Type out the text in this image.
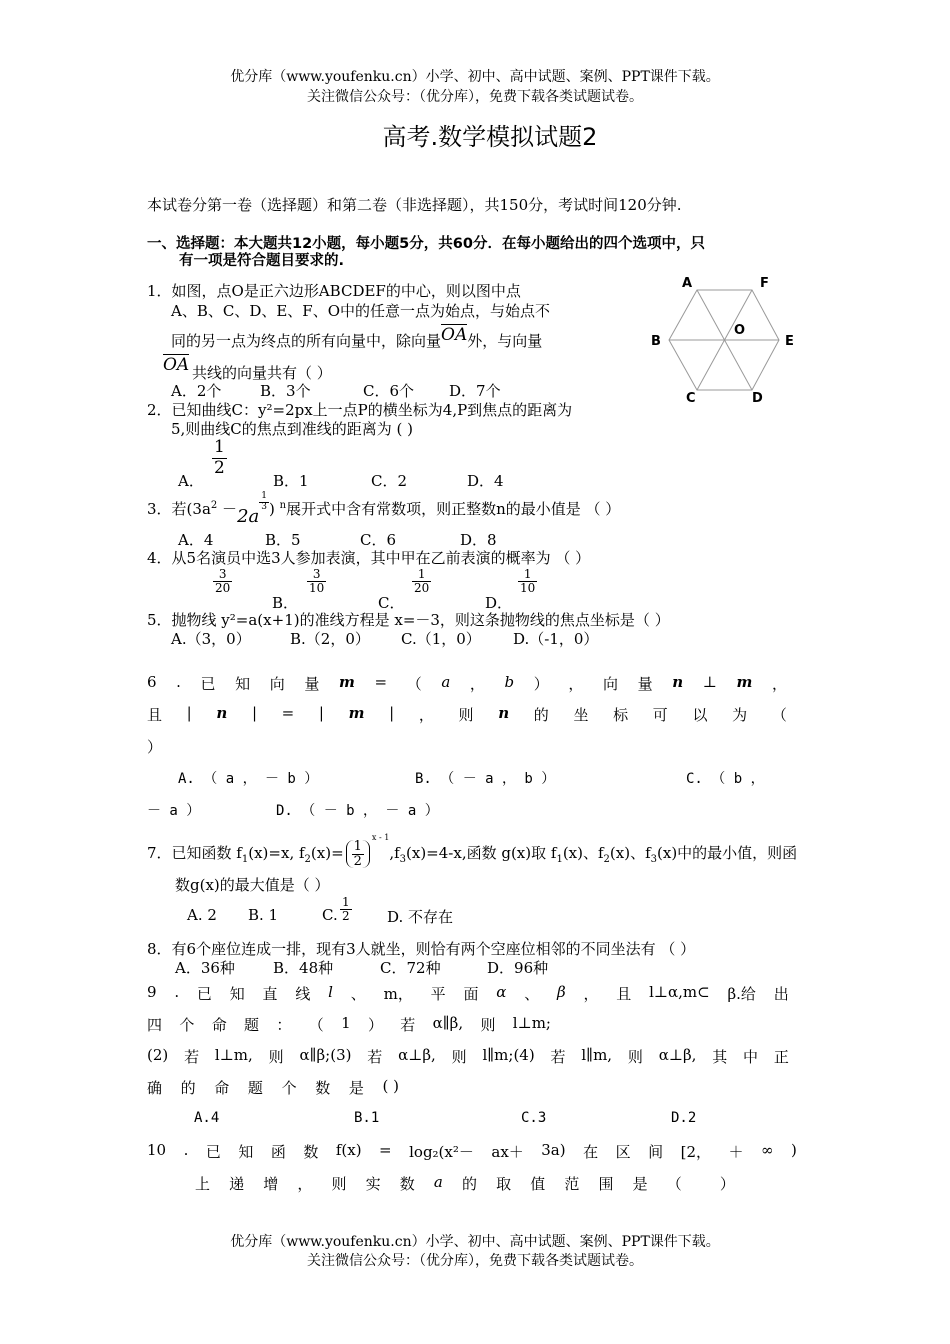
优分库（www.youfenku.cn）小学、初中、高中试题、案例、PPT课件下载。
关注微信公众号：（优分库），免费下载各类试题试卷。
高考.数学模拟试题2
本试卷分第一卷（选择题）和第二卷（非选择题），共150分，考试时间120分钟.
一、选择题：本大题共12小题，每小题5分，共60分．在每小题给出的四个选项中，只
有一项是符合题目要求的.
A	F
B
O
E
C	D
1．如图，点O是正六边形ABCDEF的中心，则以图中点
A、B、C、D、E、F、O中的任意一点为始点，与始点不
同的另一点为终点的所有向量中，除向量OA外，与向量
OA 共线的向量共有（ ）
A．2个	B．3个	C．6个 D．7个
2．已知曲线C：y²=2px上一点P的横坐标为4,P到焦点的距离为
5,则曲线C的焦点到准线的距离为 ( )
A．
$\frac{1}{2}$
B．1	C．2	D．4
3．若($3a^2 -2a$
$\frac{1}{3}$ ) $^n$展开式中含有常数项，则正整数n的最小值是 （ ）
A．4	B．5	C．6	D．8
4．从5名演员中选3人参加表演，其中甲在乙前表演的概率为 （ ）
$\frac{3}{20}$
B．
$\frac{3}{10}$
C．
$\frac{1}{20}$
D．
$\frac{1}{10}$
5．抛物线 y²=a(x+1)的准线方程是 x=－3，则这条抛物线的焦点坐标是（ ）
A.（3，0）	B.（2，0） C.（1，0） D.（-1，0）
6 . 已 知 向 量 m = （ a ， b ） ， 向 量 n ⊥ m ，
且 | n | = | m | ， 则 n 的 坐 标 可 以 为 （
）
A. （ a ， － b ）	B. （ － a ， b ）	C. （ b ，
－ a ）	D. （ － b ， － a ）
7．已知函数 $f_1(x)=x$, $f_2(x)= \frac{1}{2}$
$^{x - 1},f_3(x)=4-x$,函数 g(x)取 $f_1(x)$、$f_2(x)$、$f_3(x)$中的最小值，则函
数g(x)的最大值是（ ）
A. 2 B. 1	C. $\frac{1}{2} D$. 不存在
8．有6个座位连成一排，现有3人就坐，则恰有两个空座位相邻的不同坐法有 （ ）
A．36种	B．48种	C．72种	D．96种
9 . 已 知 直 线 l 、 m， 平 面 α 、 β ， 且 l⊥α,m⊂ β.给 出
四 个 命 题 ： （ 1 ） 若 α∥β, 则 l⊥m;
(2) 若 l⊥m, 则 α∥β;(3) 若 α⊥β, 则 l∥m;(4) 若 l∥m, 则 α⊥β, 其 中 正
确 的 命 题 个 数 是 ( )
A.4	B.1	C.3	D.2
10 . 已 知 函 数 f(x) = log₂(x²－ ax＋ 3a) 在 区 间 [2， ＋ ∞ )
上 递 增 ， 则 实 数 a 的 取 值 范 围 是 （	）
优分库（www.youfenku.cn）小学、初中、高中试题、案例、PPT课件下载。
关注微信公众号：（优分库），免费下载各类试题试卷。
